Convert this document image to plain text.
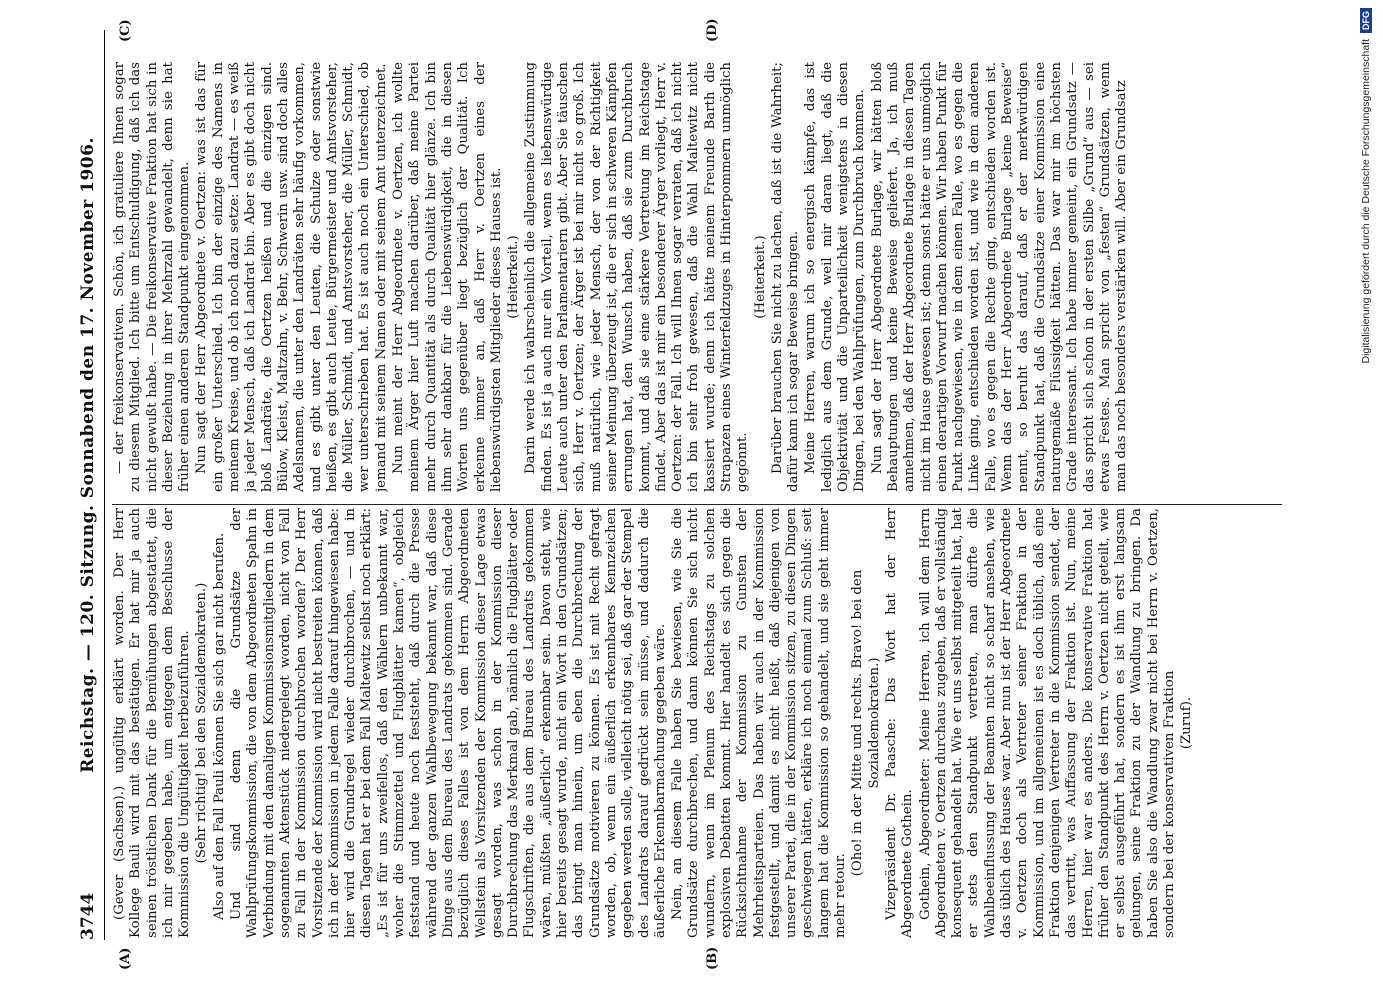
3744
Reichstag. — 120. Sitzung. Sonnabend den 17. November 1906.
(A)	(B)
(C)	(D)

(Gever (Sachsen).) ungültig erklärt worden. Der Herr Kollege Bauli wird mit das bestätigen. Er hat mir ja auch seinen tröstlichen Dank für die Bemühungen abgestattet, die ich mir gegeben habe, um entgegen dem Beschlusse der Kommission die Ungültigkeit herbeizuführen. (Sehr richtig! bei den Sozialdemokraten.) Also auf den Fall Pauli können Sie sich gar nicht berufen. Und sind denn die Grundsätze der Wahlprüfungskommission, die von dem Abgeordneten Spahn in Verbindung mit den damaligen Kommissionsmitgliedern in dem sogenannten Aktenstück niedergelegt worden, nicht von Fall zu Fall in der Kommission durchbrochen worden? Der Herr Vorsitzende der Kommission wird nicht bestreiten können, daß ich in der Kommission in jedem Falle darauf hingewiesen habe: hier wird die Grundregel wieder durchbrochen, — und in diesen Tagen hat er bei dem Fall Maltewitz selbst noch erklärt: „Es ist für uns zweifellos, daß den Wählern unbekannt war, woher die Stimmzettel und Flugblätter kamen“, obgleich feststand und heute noch feststeht, daß durch die Presse während der ganzen Wahlbewegung bekannt war, daß diese Dinge aus dem Bureau des Landrats gekommen sind. Gerade bezüglich dieses Falles ist von dem Herrn Abgeordneten Wellstein als Vorsitzenden der Kommission dieser Lage etwas gesagt worden, was schon in der Kommission dieser Durchbrechung das Merkmal gab, nämlich die Flugblätter oder Flugschriften, die aus dem Bureau des Landrats gekommen wären, müßten „äußerlich“ erkennbar sein. Davon steht, wie hier bereits gesagt wurde, nicht ein Wort in den Grundsätzen; das bringt man hinein, um eben die Durchbrechung der Grundsätze motivieren zu können. Es ist mit Recht gefragt worden, ob, wenn ein äußerlich erkennbares Kennzeichen gegeben werden solle, vielleicht nötig sei, daß gar der Stempel des Landrats darauf gedrückt sein müsse, und dadurch die äußerliche Erkennbarmachung gegeben wäre. Nein, an diesem Falle haben Sie bewiesen, wie Sie die Grundsätze durchbrechen, und dann können Sie sich nicht wundern, wenn im Plenum des Reichstags zu solchen explosiven Debatten kommt. Hier handelt es sich gegen die Rücksichtnahme der Kommission zu Gunsten der Mehrheitsparteien. Das haben wir auch in der Kommission festgestellt, und damit es nicht heißt, daß diejenigen von unserer Partei, die in der Kommission sitzen, zu diesen Dingen geschwiegen hätten, erkläre ich noch einmal zum Schluß: seit langem hat die Kommission so gehandelt, und sie geht immer mehr retour.

(Oho! in der Mitte und rechts. Bravo! bei den Sozialdemokraten.) Vizepräsident Dr. Paasche: Das Wort hat der Herr Abgeordnete Gothein. Gothein, Abgeordneter: Meine Herren, ich will dem Herrn Abgeordneten v. Oertzen durchaus zugeben, daß er vollständig konsequent gehandelt hat. Wie er uns selbst mitgeteilt hat, hat er stets den Standpunkt vertreten, man dürfte die Wahlbeeinflussung der Beamten nicht so scharf ansehen, wie das üblich des Hauses war. Aber nun ist der Herr Abgeordnete v. Oertzen doch als Vertreter seiner Fraktion in der Kommission, und im allgemeinen ist es doch üblich, daß eine Fraktion denjenigen Vertreter in die Kommission sendet, der das vertritt, was Auffassung der Fraktion ist. Nun, meine Herren, hier war es anders. Die konservative Fraktion hat früher den Standpunkt des Herrn v. Oertzen nicht geteilt, wie er selbst ausgeführt hat, sondern es ist ihm erst langsam gelungen, seine Fraktion zu der Wandlung zu bringen. Da haben Sie also die Wandlung zwar nicht bei Herrn v. Oertzen, sondern bei der konservativen Fraktion (Zuruf).

— der freikonservativen. Schön, ich gratuliere Ihnen sogar zu diesem Mitglied. Ich bitte um Entschuldigung, daß ich das nicht gewußt habe. — Die freikonservative Fraktion hat sich in dieser Beziehung in ihrer Mehrzahl gewandelt, denn sie hat früher einen anderen Standpunkt eingenommen. Nun sagt der Herr Abgeordnete v. Oertzen: was ist das für ein großer Unterschied. Ich bin der einzige des Namens in meinem Kreise, und ob ich noch dazu setze: Landrat — es weiß ja jeder Mensch, daß ich Landrat bin. Aber es gibt doch nicht bloß Landräte, die Oertzen heißen und die einzigen sind. Bülow, Kleist, Maltzahn, v. Behr, Schwerin usw. sind doch alles Adelsnamen, die unter den Landräten sehr häufig vorkommen, und es gibt unter den Leuten, die Schulze oder sonstwie heißen, es gibt auch Leute, Bürgermeister und Amtsvorsteher, die Müller, Schmidt, und Amtsvorsteher, die Müller, Schmidt, wer unterschrieben hat. Es ist auch noch ein Unterschied, ob jemand mit seinem Namen oder mit seinem Amt unterzeichnet. Nun meint der Herr Abgeordnete v. Oertzen, ich wollte meinem Ärger hier Luft machen darüber, daß meine Partei mehr durch Quantität als durch Qualität hier glänze. Ich bin ihm sehr dankbar für die Liebenswürdigkeit, die in diesen Worten uns gegenüber liegt bezüglich der Qualität. Ich erkenne immer an, daß Herr v. Oertzen eines der liebenswürdigsten Mitglieder dieses Hauses ist. (Heiterkeit.) Darin werde ich wahrscheinlich die allgemeine Zustimmung finden. Es ist ja auch nur ein Vorteil, wenn es liebenswürdige Leute auch unter den Parlamentariern gibt. Aber Sie täuschen sich, Herr v. Oertzen; der Ärger ist bei mir nicht so groß. Ich muß natürlich, wie jeder Mensch, der von der Richtigkeit seiner Meinung überzeugt ist, die er sich in schweren Kämpfen errungen hat, den Wunsch haben, daß sie zum Durchbruch kommt, und daß sie eine stärkere Vertretung im Reichstage findet. Aber das ist mir ein besonderer Ärger vorliegt, Herr v. Oertzen: der Fall. Ich will Ihnen sogar verraten, daß ich nicht ich bin sehr froh gewesen, daß die Wahl Maltewitz nicht kassiert wurde; denn ich hätte meinem Freunde Barth die Strapazen eines Winterfeldzuges in Hinterpommern unmöglich gegönnt.

(Heiterkeit.) Darüber brauchen Sie nicht zu lachen, daß ist die Wahrheit; dafür kann ich sogar Beweise bringen. Meine Herren, warum ich so energisch kämpfe, das ist lediglich aus dem Grunde, weil mir daran liegt, daß die Objektivität und die Unparteilichkeit wenigstens in diesen Dingen, bei den Wahlprüfungen, zum Durchbruch kommen. Nun sagt der Herr Abgeordnete Burlage, wir hätten bloß Behauptungen und keine Beweise geliefert. Ja, ich muß annehmen, daß der Herr Abgeordnete Burlage in diesen Tagen nicht im Hause gewesen ist; denn sonst hätte er uns unmöglich einen derartigen Vorwurf machen können. Wir haben Punkt für Punkt nachgewiesen, wie in dem einen Falle, wo es gegen die Linke ging, entschieden worden ist, und wie in dem anderen Falle, wo es gegen die Rechte ging, entschieden worden ist. Wenn das der Herr Abgeordnete Burlage „keine Beweise“ nennt, so beruht das darauf, daß er der merkwürdigen Standpunkt hat, daß die Grundsätze einer Kommission eine naturgemäße Flüssigkeit hätten. Das war mir im höchsten Grade interessant. Ich habe immer gemeint, ein Grundsatz — das spricht sich schon in der ersten Silbe „Grund“ aus — sei etwas Festes. Man spricht von „festen“ Grundsätzen, wenn man das noch besonders verstärken will. Aber ein Grundsatz	Digitalisierung gefördert durch die Deutsche Forschungsgemeinschaft
DFG
